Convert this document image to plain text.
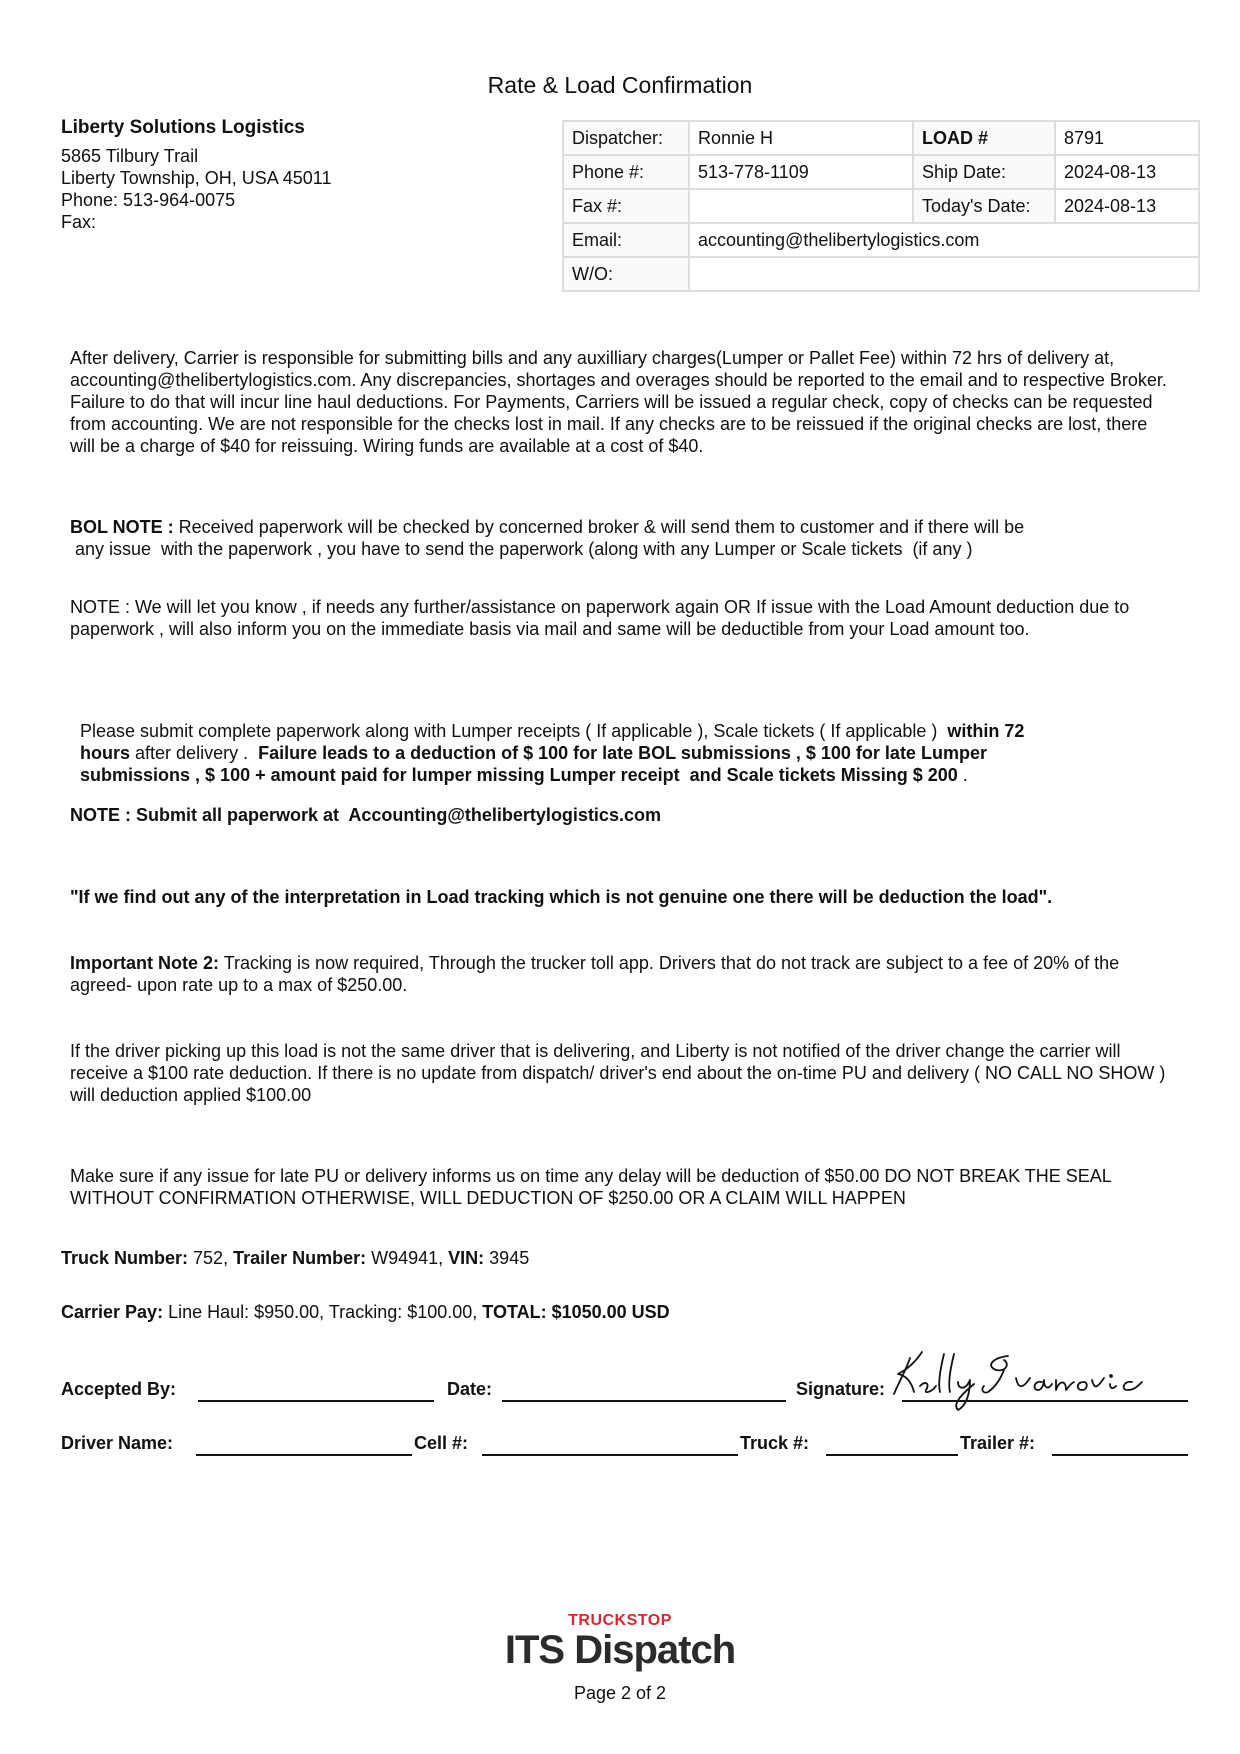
Rate & Load Confirmation
Liberty Solutions Logistics
5865 Tilbury Trail
Liberty Township, OH, USA 45011
Phone: 513-964-0075
Fax:
Dispatcher:	Ronnie H	LOAD #	8791
Phone #:	513-778-1109	Ship Date:	2024-08-13
Fax #:		Today's Date:	2024-08-13
Email:	accounting@thelibertylogistics.com		
W/O:			
After delivery, Carrier is responsible for submitting bills and any auxilliary charges(Lumper or Pallet Fee) within 72 hrs of delivery at, accounting@thelibertylogistics.com. Any discrepancies, shortages and overages should be reported to the email and to respective Broker. Failure to do that will incur line haul deductions. For Payments, Carriers will be issued a regular check, copy of checks can be requested from accounting. We are not responsible for the checks lost in mail. If any checks are to be reissued if the original checks are lost, there will be a charge of $40 for reissuing. Wiring funds are available at a cost of $40.
BOL NOTE : Received paperwork will be checked by concerned broker & will send them to customer and if there will be  any issue  with the paperwork , you have to send the paperwork (along with any Lumper or Scale tickets  (if any )
NOTE : We will let you know , if needs any further/assistance on paperwork again OR If issue with the Load Amount deduction due to paperwork , will also inform you on the immediate basis via mail and same will be deductible from your Load amount too.

Please submit complete paperwork along with Lumper receipts ( If applicable ), Scale tickets ( If applicable )  within 72
hours after delivery .  Failure leads to a deduction of $ 100 for late BOL submissions , $ 100 for late Lumper
submissions , $ 100 + amount paid for lumper missing Lumper receipt  and Scale tickets Missing $ 200 .

NOTE : Submit all paperwork at  Accounting@thelibertylogistics.com
"If we find out any of the interpretation in Load tracking which is not genuine one there will be deduction the load".
Important Note 2: Tracking is now required, Through the trucker toll app. Drivers that do not track are subject to a fee of 20% of the agreed- upon rate up to a max of $250.00.
If the driver picking up this load is not the same driver that is delivering, and Liberty is not notified of the driver change the carrier will receive a $100 rate deduction. If there is no update from dispatch/ driver's end about the on-time PU and delivery ( NO CALL NO SHOW ) will deduction applied $100.00
Make sure if any issue for late PU or delivery informs us on time any delay will be deduction of $50.00 DO NOT BREAK THE SEAL WITHOUT CONFIRMATION OTHERWISE, WILL DEDUCTION OF $250.00 OR A CLAIM WILL HAPPEN
Truck Number: 752, Trailer Number: W94941, VIN: 3945
Carrier Pay: Line Haul: $950.00, Tracking: $100.00, TOTAL: $1050.00 USD
Accepted By:	Date:	Signature:
Driver Name:	Cell #:	Truck #:	Trailer #:
TRUCKSTOP
ITS Dispatch
Page 2 of 2
